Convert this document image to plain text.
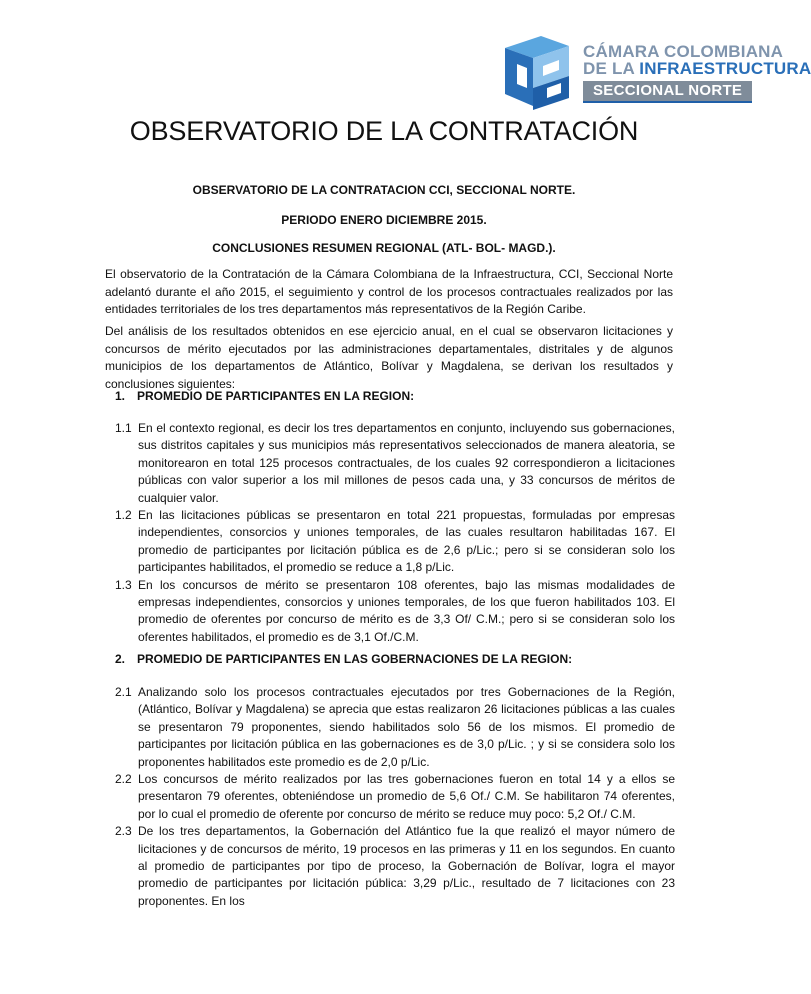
CÁMARA COLOMBIANA
DE LA INFRAESTRUCTURA
SECCIONAL NORTE
OBSERVATORIO DE LA CONTRATACIÓN
OBSERVATORIO DE LA CONTRATACION CCI, SECCIONAL NORTE.
PERIODO ENERO DICIEMBRE 2015.
CONCLUSIONES RESUMEN REGIONAL (ATL- BOL- MAGD.).
El observatorio de la Contratación de la Cámara Colombiana de la Infraestructura, CCI, Seccional Norte adelantó durante el año 2015, el seguimiento y control de los procesos contractuales realizados por las entidades territoriales de los tres departamentos más representativos de la Región Caribe.
Del análisis de los resultados obtenidos en ese ejercicio anual, en el cual se observaron licitaciones y concursos de mérito ejecutados por las administraciones departamentales, distritales y de algunos municipios de los departamentos de Atlántico, Bolívar y Magdalena, se derivan los resultados y conclusiones siguientes:
1. PROMEDIO DE PARTICIPANTES EN LA REGION:
1.1 En el contexto regional, es decir los tres departamentos en conjunto, incluyendo sus gobernaciones, sus distritos capitales y sus municipios más representativos seleccionados de manera aleatoria, se monitorearon en total 125 procesos contractuales, de los cuales 92 correspondieron a licitaciones públicas con valor superior a los mil millones de pesos cada una, y 33 concursos de méritos de cualquier valor.
1.2 En las licitaciones públicas se presentaron en total 221 propuestas, formuladas por empresas independientes, consorcios y uniones temporales, de las cuales resultaron habilitadas 167. El promedio de participantes por licitación pública es de 2,6 p/Lic.; pero si se consideran solo los participantes habilitados, el promedio se reduce a 1,8 p/Lic.
1.3 En los concursos de mérito se presentaron 108 oferentes, bajo las mismas modalidades de empresas independientes, consorcios y uniones temporales, de los que fueron habilitados 103. El promedio de oferentes por concurso de mérito es de 3,3 Of/ C.M.; pero si se consideran solo los oferentes habilitados, el promedio es de 3,1 Of./C.M.
2. PROMEDIO DE PARTICIPANTES EN LAS GOBERNACIONES DE LA REGION:
2.1 Analizando solo los procesos contractuales ejecutados por tres Gobernaciones de la Región, (Atlántico, Bolívar y Magdalena) se aprecia que estas realizaron 26 licitaciones públicas a las cuales se presentaron 79 proponentes, siendo habilitados solo 56 de los mismos. El promedio de participantes por licitación pública en las gobernaciones es de 3,0 p/Lic. ; y si se considera solo los proponentes habilitados este promedio es de 2,0 p/Lic.
2.2 Los concursos de mérito realizados por las tres gobernaciones fueron en total 14 y a ellos se presentaron 79 oferentes, obteniéndose un promedio de 5,6 Of./ C.M. Se habilitaron 74 oferentes, por lo cual el promedio de oferente por concurso de mérito se reduce muy poco: 5,2 Of./ C.M.
2.3 De los tres departamentos, la Gobernación del Atlántico fue la que realizó el mayor número de licitaciones y de concursos de mérito, 19 procesos en las primeras y 11 en los segundos. En cuanto al promedio de participantes por tipo de proceso, la Gobernación de Bolívar, logra el mayor promedio de participantes por licitación pública: 3,29 p/Lic., resultado de 7 licitaciones con 23 proponentes. En los
